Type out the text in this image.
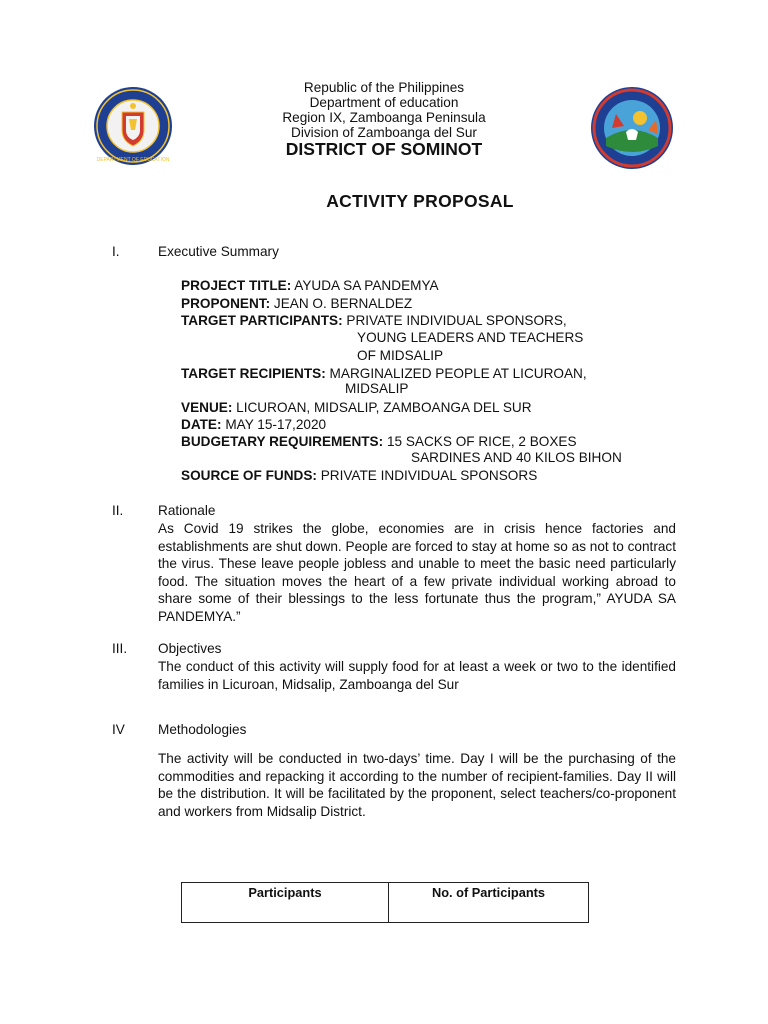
DEPARTMENT OF EDUCATION
Republic of the Philippines
Department of education
Region IX, Zamboanga Peninsula
Division of Zamboanga del Sur
DISTRICT OF SOMINOT
ACTIVITY PROPOSAL
I.	Executive Summary
PROJECT TITLE: AYUDA SA PANDEMYA
PROPONENT: JEAN O. BERNALDEZ
TARGET PARTICIPANTS: PRIVATE INDIVIDUAL SPONSORS,
YOUNG LEADERS AND TEACHERS
OF MIDSALIP
TARGET RECIPIENTS: MARGINALIZED PEOPLE AT LICUROAN,
MIDSALIP
VENUE: LICUROAN, MIDSALIP, ZAMBOANGA DEL SUR
DATE: MAY 15-17,2020
BUDGETARY REQUIREMENTS: 15 SACKS OF RICE, 2 BOXES
SARDINES AND 40 KILOS BIHON
SOURCE OF FUNDS: PRIVATE INDIVIDUAL SPONSORS
II.	Rationale

As Covid 19 strikes the globe, economies are in crisis hence factories and establishments are shut down. People are forced to stay at home so as not to contract the virus. These leave people jobless and unable to meet the basic need particularly food. The situation moves the heart of a few private individual working abroad to share some of their blessings to the less fortunate thus the program,” AYUDA SA PANDEMYA.”

III. Objectives

The conduct of this activity will supply food for at least a week or two to the identified families in Licuroan, Midsalip, Zamboanga del Sur

IV Methodologies

The activity will be conducted in two-days’ time. Day I will be the purchasing of the commodities and repacking it according to the number of recipient-families. Day II will be the distribution. It will be facilitated by the proponent, select teachers/co-proponent and workers from Midsalip District.

Participants	No. of Participants
